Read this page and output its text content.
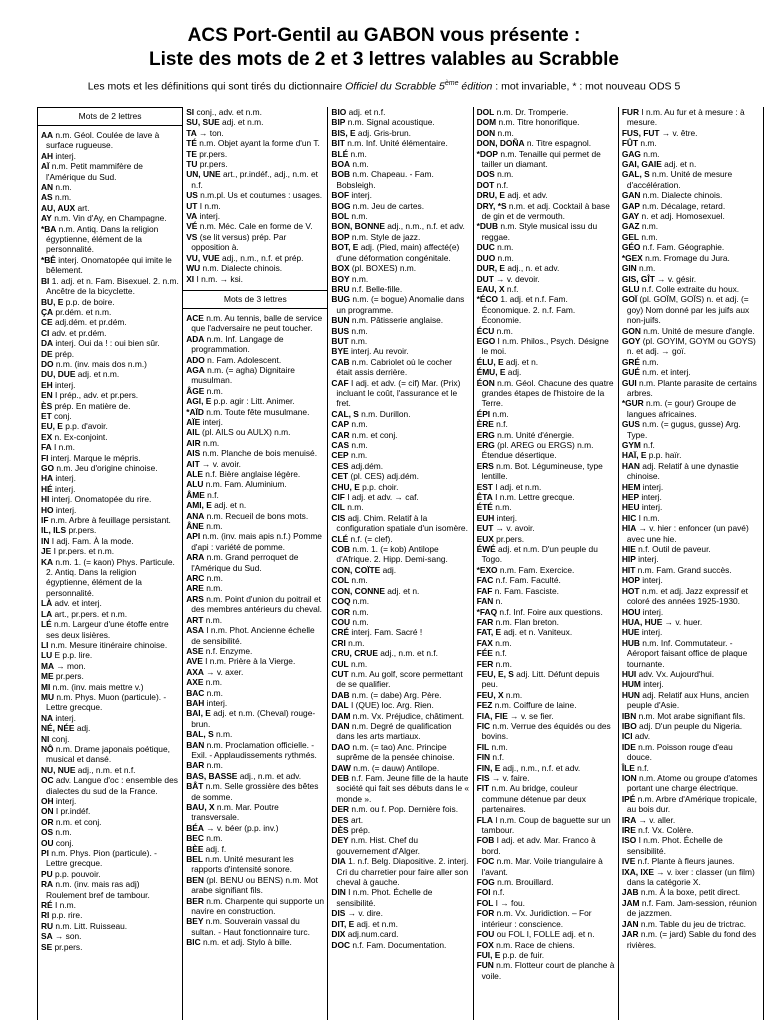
ACS Port-Gentil au GABON vous présente :
Liste des mots de 2 et 3 lettres valables au Scrabble
Les mots et les définitions qui sont tirés du dictionnaire Officiel du Scrabble 5ème édition : mot invariable, * : mot nouveau ODS 5
Mots de 2 lettres
AA n.m. Géol. Coulée de lave à surface rugueuse.
AH interj.
AÏ n.m. Petit mammifère de l'Amérique du Sud.
AN n.m.
AS n.m.
AU, AUX art.
AY n.m. Vin d'Ay, en Champagne.
*BA n.m. Antiq. Dans la religion égyptienne, élément de la personnalité.
*BÊ interj. Onomatopée qui imite le bêlement.
BI 1. adj. et n. Fam. Bisexuel. 2. n.m. Ancêtre de la bicyclette.
BU, E p.p. de boire.
ÇA pr.dém. et n.m.
CE adj.dém. et pr.dém.
CI adv. et pr.dém.
DA interj. Oui da ! : oui bien sûr.
DE prép.
DO n.m. (inv. mais dos n.m.)
DU, DUE adj. et n.m.
EH interj.
EN I prép., adv. et pr.pers.
ÈS prép. En matière de.
ET conj.
EU, E p.p. d'avoir.
EX n. Ex-conjoint.
FA I n.m.
FI interj. Marque le mépris.
GO n.m. Jeu d'origine chinoise.
HA interj.
HÉ interj.
HI interj. Onomatopée du rire.
HO interj.
IF n.m. Arbre à feuillage persistant.
IL, ILS pr.pers.
IN I adj. Fam. À la mode.
JE I pr.pers. et n.m.
KA n.m. 1. (= kaon) Phys. Particule. 2. Antiq. Dans la religion égyptienne, élément de la personnalité.
LÀ adv. et interj.
LA art., pr.pers. et n.m.
LÉ n.m. Largeur d'une étoffe entre ses deux lisières.
LI n.m. Mesure itinéraire chinoise.
LU E p.p. lire.
MA → mon.
ME pr.pers.
MI n.m. (inv. mais mettre v.)
MU n.m. Phys. Muon (particule). - Lettre grecque.
NA interj.
NÉ, NÉE adj.
NI conj.
NÔ n.m. Drame japonais poétique, musical et dansé.
NU, NUE adj., n.m. et n.f.
OC adv. Langue d'oc : ensemble des dialectes du sud de la France.
OH interj.
ON I pr.indéf.
OR n.m. et conj.
OS n.m.
OU conj.
PI n.m. Phys. Pion (particule). - Lettre grecque.
PU p.p. pouvoir.
RA n.m. (inv. mais ras adj) Roulement bref de tambour.
RÉ I n.m.
RI p.p. rire.
RU n.m. Litt. Ruisseau.
SA → son.
SE pr.pers.
SI conj., adv. et n.m.
SU, SUE adj. et n.m.
TA → ton.
TÉ n.m. Objet ayant la forme d'un T.
TE pr.pers.
TU pr.pers.
UN, UNE art., pr.indéf., adj., n.m. et n.f.
US n.m.pl. Us et coutumes : usages.
UT I n.m.
VA interj.
VÉ n.m. Méc. Cale en forme de V.
VS (se lit versus) prép. Par opposition à.
VU, VUE adj., n.m., n.f. et prép.
WU n.m. Dialecte chinois.
XI I n.m. → ksi.
Mots de 3 lettres
ACE n.m. Au tennis, balle de service que l'adversaire ne peut toucher.
ADA n.m. Inf. Langage de programmation.
ADO n. Fam. Adolescent.
AGA n.m. (= agha) Dignitaire musulman.
ÂGE n.m.
AGI, E p.p. agir : Litt. Animer.
*AÏD n.m. Toute fête musulmane.
AÏE interj.
AIL (pl. AILS ou AULX) n.m.
AIR n.m.
AIS n.m. Planche de bois menuisé.
AIT → v. avoir.
ALE n.f. Bière anglaise légère.
ALU n.m. Fam. Aluminium.
ÂME n.f.
AMI, E adj. et n.
ANA n.m. Recueil de bons mots.
ÂNE n.m.
API n.m. (inv. mais apis n.f.) Pomme d'api : variété de pomme.
ARA n.m. Grand perroquet de l'Amérique du Sud.
ARC n.m.
ARE n.m.
ARS n.m. Point d'union du poitrail et des membres antérieurs du cheval.
ART n.m.
ASA I n.m. Phot. Ancienne échelle de sensibilité.
ASE n.f. Enzyme.
AVE I n.m. Prière à la Vierge.
AXA → v. axer.
AXE n.m.
BAC n.m.
BAH interj.
BAI, E adj. et n.m. (Cheval) rouge-brun.
BAL, S n.m.
BAN n.m. Proclamation officielle. - Exil. - Applaudissements rythmés.
BAR n.m.
BAS, BASSE adj., n.m. et adv.
BÂT n.m. Selle grossière des bêtes de somme.
BAU, X n.m. Mar. Poutre transversale.
BÉA → v. béer (p.p. inv.)
BEC n.m.
BÈE adj. f.
BEL n.m. Unité mesurant les rapports d'intensité sonore.
BEN (pl. BENU ou BENS) n.m. Mot arabe signifiant fils.
BER n.m. Charpente qui supporte un navire en construction.
BEY n.m. Souverain vassal du sultan. - Haut fonctionnaire turc.
BIC n.m. et adj. Stylo à bille.
BIO adj. et n.f.
BIP n.m. Signal acoustique.
BIS, E adj. Gris-brun.
BIT n.m. Inf. Unité élémentaire.
BLÉ n.m.
BOA n.m.
BOB n.m. Chapeau. - Fam. Bobsleigh.
BOF interj.
BOG n.m. Jeu de cartes.
BOL n.m.
BON, BONNE adj., n.m., n.f. et adv.
BOP n.m. Style de jazz.
BOT, E adj. (Pied, main) affecté(e) d'une déformation congénitale.
BOX (pl. BOXES) n.m.
BOY n.m.
BRU n.f. Belle-fille.
BUG n.m. (= bogue) Anomalie dans un programme.
BUN n.m. Pâtisserie anglaise.
BUS n.m.
BUT n.m.
BYE interj. Au revoir.
CAB n.m. Cabriolet où le cocher était assis derrière.
CAF I adj. et adv. (= cif) Mar. (Prix) incluant le coût, l'assurance et le fret.
CAL, S n.m. Durillon.
CAP n.m.
CAR n.m. et conj.
CAS n.m.
CEP n.m.
CES adj.dém.
CET (pl. CES) adj.dém.
CHU, E p.p. choir.
CIF I adj. et adv. → caf.
CIL n.m.
CIS adj. Chim. Relatif à la configuration spatiale d'un isomère.
CLÉ n.f. (= clef).
COB n.m. 1. (= kob) Antilope d'Afrique. 2. Hipp. Demi-sang.
CON, COÏTE adj.
COL n.m.
CON, CONNE adj. et n.
COQ n.m.
COR n.m.
COU n.m.
CRÉ interj. Fam. Sacré !
CRI n.m.
CRU, CRUE adj., n.m. et n.f.
CUL n.m.
CUT n.m. Au golf, score permettant de se qualifier.
DAB n.m. (= dabe) Arg. Père.
DAL I (QUE) loc. Arg. Rien.
DAM n.m. Vx. Préjudice, châtiment.
DAN n.m. Degré de qualification dans les arts martiaux.
DAO n.m. (= tao) Anc. Principe suprême de la pensée chinoise.
DAW n.m. (= dauw) Antilope.
DEB n.f. Fam. Jeune fille de la haute société qui fait ses débuts dans le « monde ».
DER n.m. ou f. Pop. Dernière fois.
DES art.
DÈS prép.
DEY n.m. Hist. Chef du gouvernement d'Alger.
DIA 1. n.f. Belg. Diapositive. 2. interj. Cri du charretier pour faire aller son cheval à gauche.
DIN I n.m. Phot. Échelle de sensibilité.
DIS → v. dire.
DIT, E adj. et n.m.
DIX adj.num.card.
DOC n.f. Fam. Documentation.
DOL n.m. Dr. Tromperie.
DOM n.m. Titre honorifique.
DON n.m.
DON, DOÑA n. Titre espagnol.
*DOP n.m. Tenaille qui permet de tailler un diamant.
DOS n.m.
DOT n.f.
DRU, E adj. et adv.
DRY, *S n.m. et adj. Cocktail à base de gin et de vermouth.
*DUB n.m. Style musical issu du reggae.
DUC n.m.
DUO n.m.
DUR, E adj., n. et adv.
DUT → v. devoir.
EAU, X n.f.
*ÉCO 1. adj. et n.f. Fam. Économique. 2. n.f. Fam. Économie.
ÉCU n.m.
EGO I n.m. Philos., Psych. Désigne le moi.
ÉLU, E adj. et n.
ÉMU, E adj.
ÉON n.m. Géol. Chacune des quatre grandes étapes de l'histoire de la Terre.
ÉPI n.m.
ÈRE n.f.
ERG n.m. Unité d'énergie.
ERG (pl. AREG ou ERGS) n.m. Étendue désertique.
ERS n.m. Bot. Légumineuse, type lentille.
EST I adj. et n.m.
ÊTA I n.m. Lettre grecque.
ÉTÉ n.m.
EUH interj.
EUT → v. avoir.
EUX pr.pers.
ÉWÉ adj. et n.m. D'un peuple du Togo.
*EXO n.m. Fam. Exercice.
FAC n.f. Fam. Faculté.
FAF n. Fam. Fasciste.
FAN n.
*FAQ n.f. Inf. Foire aux questions.
FAR n.m. Flan breton.
FAT, E adj. et n. Vaniteux.
FAX n.m.
FÉE n.f.
FER n.m.
FEU, E, S adj. Litt. Défunt depuis peu.
FEU, X n.m.
FEZ n.m. Coiffure de laine.
FIA, FIE → v. se fier.
FIC n.m. Verrue des équidés ou des bovins.
FIL n.m.
FIN n.f.
FIN, E adj., n.m., n.f. et adv.
FIS → v. faire.
FIT n.m. Au bridge, couleur commune détenue par deux partenaires.
FLA I n.m. Coup de baguette sur un tambour.
FOB I adj. et adv. Mar. Franco à bord.
FOC n.m. Mar. Voile triangulaire à l'avant.
FOG n.m. Brouillard.
FOI n.f.
FOL I → fou.
FOR n.m. Vx. Juridiction. – For intérieur : conscience.
FOU ou FOL I, FOLLE adj. et n.
FOX n.m. Race de chiens.
FUI, E p.p. de fuir.
FUN n.m. Flotteur court de planche à voile.
FUR I n.m. Au fur et à mesure : à mesure.
FUS, FUT → v. être.
FÛT n.m.
GAG n.m.
GAI, GAIE adj. et n.
GAL, S n.m. Unité de mesure d'accélération.
GAN n.m. Dialecte chinois.
GAP n.m. Décalage, retard.
GAY n. et adj. Homosexuel.
GAZ n.m.
GEL n.m.
GÉO n.f. Fam. Géographie.
*GEX n.m. Fromage du Jura.
GIN n.m.
GIS, GÎT → v. gésir.
GLU n.f. Colle extraite du houx.
GOÏ (pl. GOÏM, GOÏS) n. et adj. (= goy) Nom donné par les juifs aux non-juifs.
GON n.m. Unité de mesure d'angle.
GOY (pl. GOYIM, GOYM ou GOYS) n. et adj. → goï.
GRÉ n.m.
GUÉ n.m. et interj.
GUI n.m. Plante parasite de certains arbres.
*GUR n.m. (= gour) Groupe de langues africaines.
GUS n.m. (= gugus, gusse) Arg. Type.
GYM n.f.
HAÏ, E p.p. haïr.
HAN adj. Relatif à une dynastie chinoise.
HEM interj.
HEP interj.
HEU interj.
HIC I n.m.
HIA → v. hier : enfoncer (un pavé) avec une hie.
HIE n.f. Outil de paveur.
HIP interj.
HIT n.m. Fam. Grand succès.
HOP interj.
HOT n.m. et adj. Jazz expressif et coloré des années 1925-1930.
HOU interj.
HUA, HUE → v. huer.
HUE interj.
HUB n.m. Inf. Commutateur. - Aéroport faisant office de plaque tournante.
HUI adv. Vx. Aujourd'hui.
HUM interj.
HUN adj. Relatif aux Huns, ancien peuple d'Asie.
IBN n.m. Mot arabe signifiant fils.
IBO adj. D'un peuple du Nigeria.
ICI adv.
IDE n.m. Poisson rouge d'eau douce.
ÎLE n.f.
ION n.m. Atome ou groupe d'atomes portant une charge électrique.
IPÉ n.m. Arbre d'Amérique tropicale, au bois dur.
IRA → v. aller.
IRE n.f. Vx. Colère.
ISO I n.m. Phot. Échelle de sensibilité.
IVE n.f. Plante à fleurs jaunes.
IXA, IXE → v. ixer : classer (un film) dans la catégorie X.
JAB n.m. À la boxe, petit direct.
JAM n.f. Fam. Jam-session, réunion de jazzmen.
JAN n.m. Table du jeu de trictrac.
JAR n.m. (= jard) Sable du fond des rivières.
